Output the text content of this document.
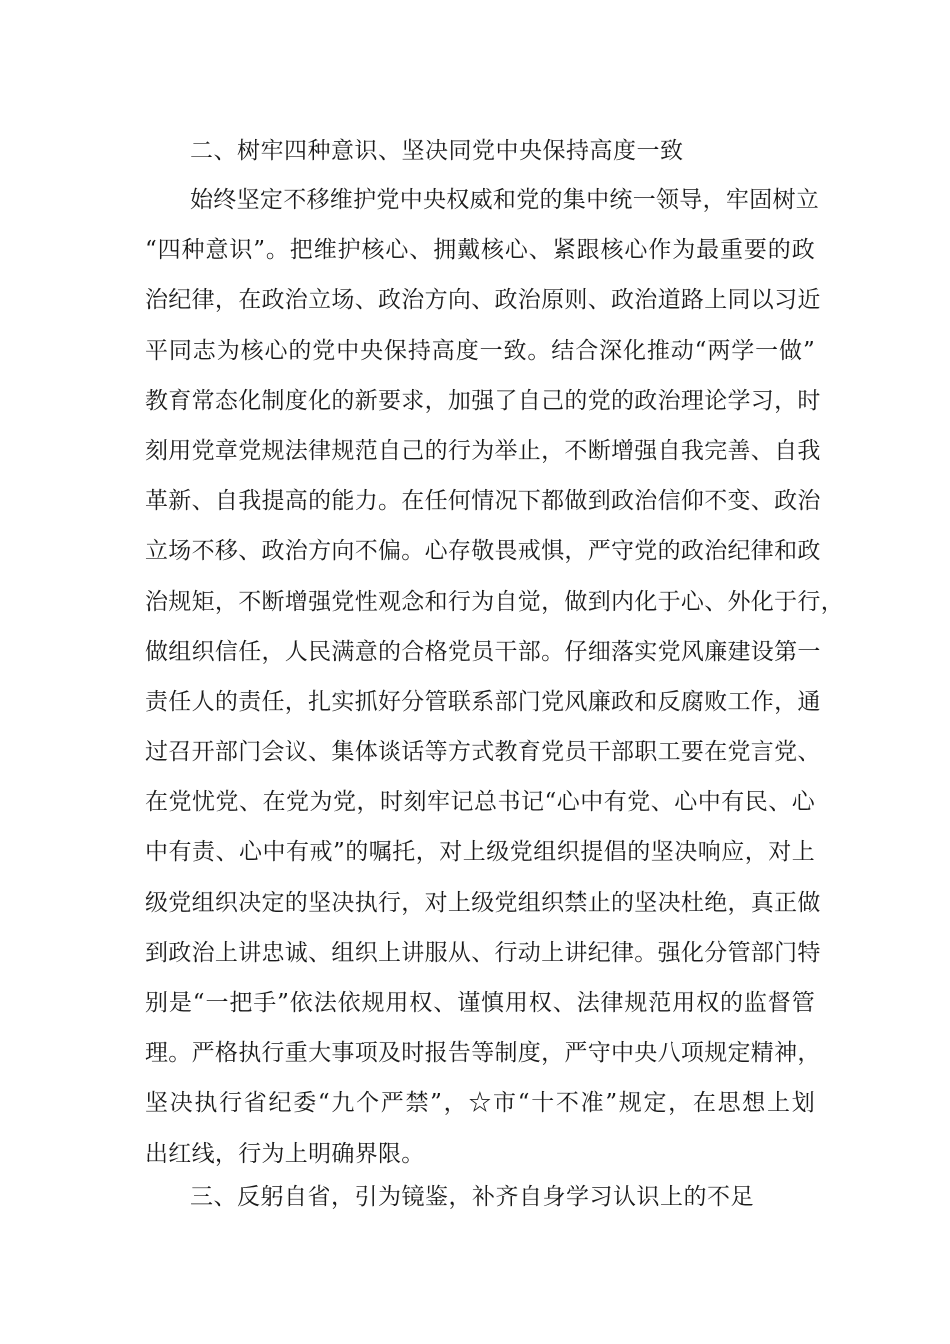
二、树牢四种意识、坚决同党中央保持高度一致

始终坚定不移维护党中央权威和党的集中统一领导，牢固树立
“四种意识”。把维护核心、拥戴核心、紧跟核心作为最重要的政
治纪律，在政治立场、政治方向、政治原则、政治道路上同以习近
平同志为核心的党中央保持高度一致。结合深化推动“两学一做”
教育常态化制度化的新要求，加强了自己的党的政治理论学习，时
刻用党章党规法律规范自己的行为举止，不断增强自我完善、自我
革新、自我提高的能力。在任何情况下都做到政治信仰不变、政治
立场不移、政治方向不偏。心存敬畏戒惧，严守党的政治纪律和政
治规矩，不断增强党性观念和行为自觉，做到内化于心、外化于行，
做组织信任，人民满意的合格党员干部。仔细落实党风廉建设第一
责任人的责任，扎实抓好分管联系部门党风廉政和反腐败工作，通
过召开部门会议、集体谈话等方式教育党员干部职工要在党言党、
在党忧党、在党为党，时刻牢记总书记“心中有党、心中有民、心
中有责、心中有戒”的嘱托，对上级党组织提倡的坚决响应，对上
级党组织决定的坚决执行，对上级党组织禁止的坚决杜绝，真正做
到政治上讲忠诚、组织上讲服从、行动上讲纪律。强化分管部门特
别是“一把手”依法依规用权、谨慎用权、法律规范用权的监督管
理。严格执行重大事项及时报告等制度，严守中央八项规定精神，
坚决执行省纪委“九个严禁”，☆市“十不准”规定，在思想上划
出红线，行为上明确界限。

三、反躬自省，引为镜鉴，补齐自身学习认识上的不足
